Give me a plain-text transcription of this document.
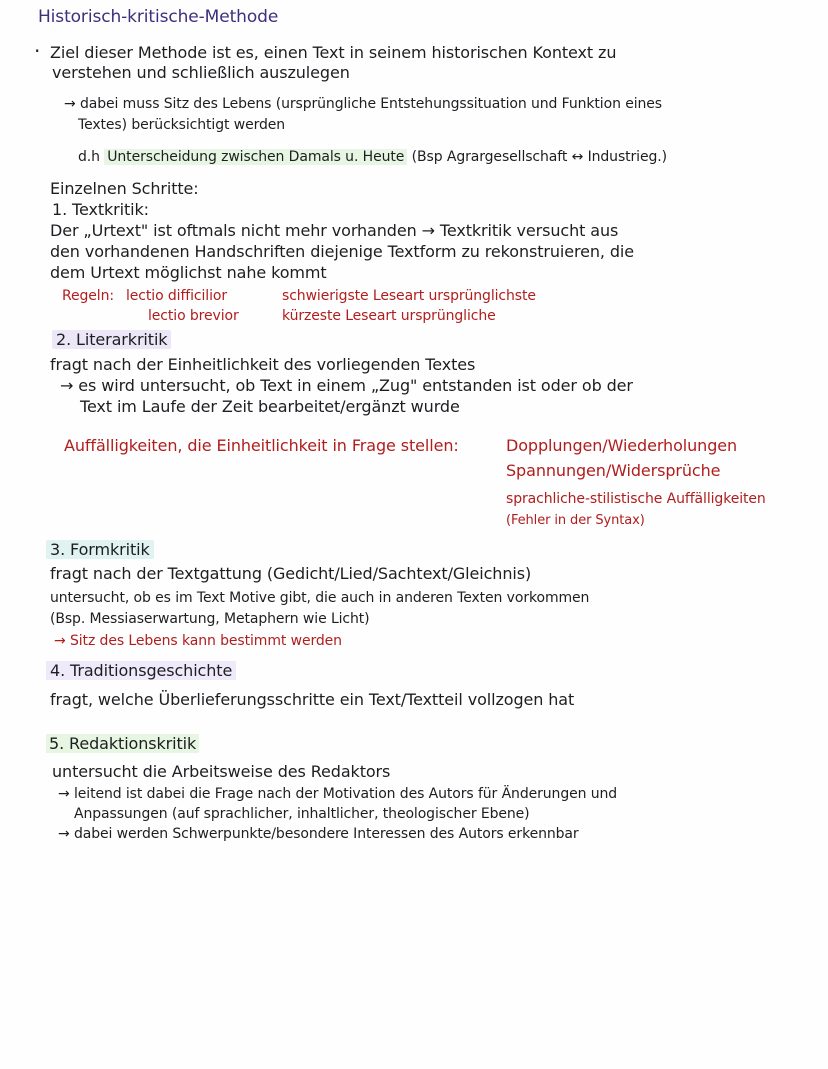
Historisch-kritische-Methode
· Ziel dieser Methode ist es, einen Text in seinem historischen Kontext zu
verstehen und schließlich auszulegen
→ dabei muss Sitz des Lebens (ursprüngliche Entstehungssituation und Funktion eines
Textes) berücksichtigt werden
d.h Unterscheidung zwischen Damals u. Heute (Bsp Agrargesellschaft ↔ Industrieg.)
Einzelnen Schritte:
1. Textkritik:
Der „Urtext" ist oftmals nicht mehr vorhanden → Textkritik versucht aus
den vorhandenen Handschriften diejenige Textform zu rekonstruieren, die
dem Urtext möglichst nahe kommt
Regeln: lectio difficilior	schwierigste Leseart ursprünglichste
lectio brevior	kürzeste Leseart ursprüngliche
2. Literarkritik
fragt nach der Einheitlichkeit des vorliegenden Textes
→ es wird untersucht, ob Text in einem „Zug" entstanden ist oder ob der
Text im Laufe der Zeit bearbeitet/ergänzt wurde
Auffälligkeiten, die Einheitlichkeit in Frage stellen:	Dopplungen/Wiederholungen
Spannungen/Widersprüche
sprachliche-stilistische Auffälligkeiten
(Fehler in der Syntax)
3. Formkritik
fragt nach der Textgattung (Gedicht/Lied/Sachtext/Gleichnis)
untersucht, ob es im Text Motive gibt, die auch in anderen Texten vorkommen
(Bsp. Messiaserwartung, Metaphern wie Licht)
→ Sitz des Lebens kann bestimmt werden
4. Traditionsgeschichte
fragt, welche Überlieferungsschritte ein Text/Textteil vollzogen hat
5. Redaktionskritik
untersucht die Arbeitsweise des Redaktors
→ leitend ist dabei die Frage nach der Motivation des Autors für Änderungen und
Anpassungen (auf sprachlicher, inhaltlicher, theologischer Ebene)
→ dabei werden Schwerpunkte/besondere Interessen des Autors erkennbar
